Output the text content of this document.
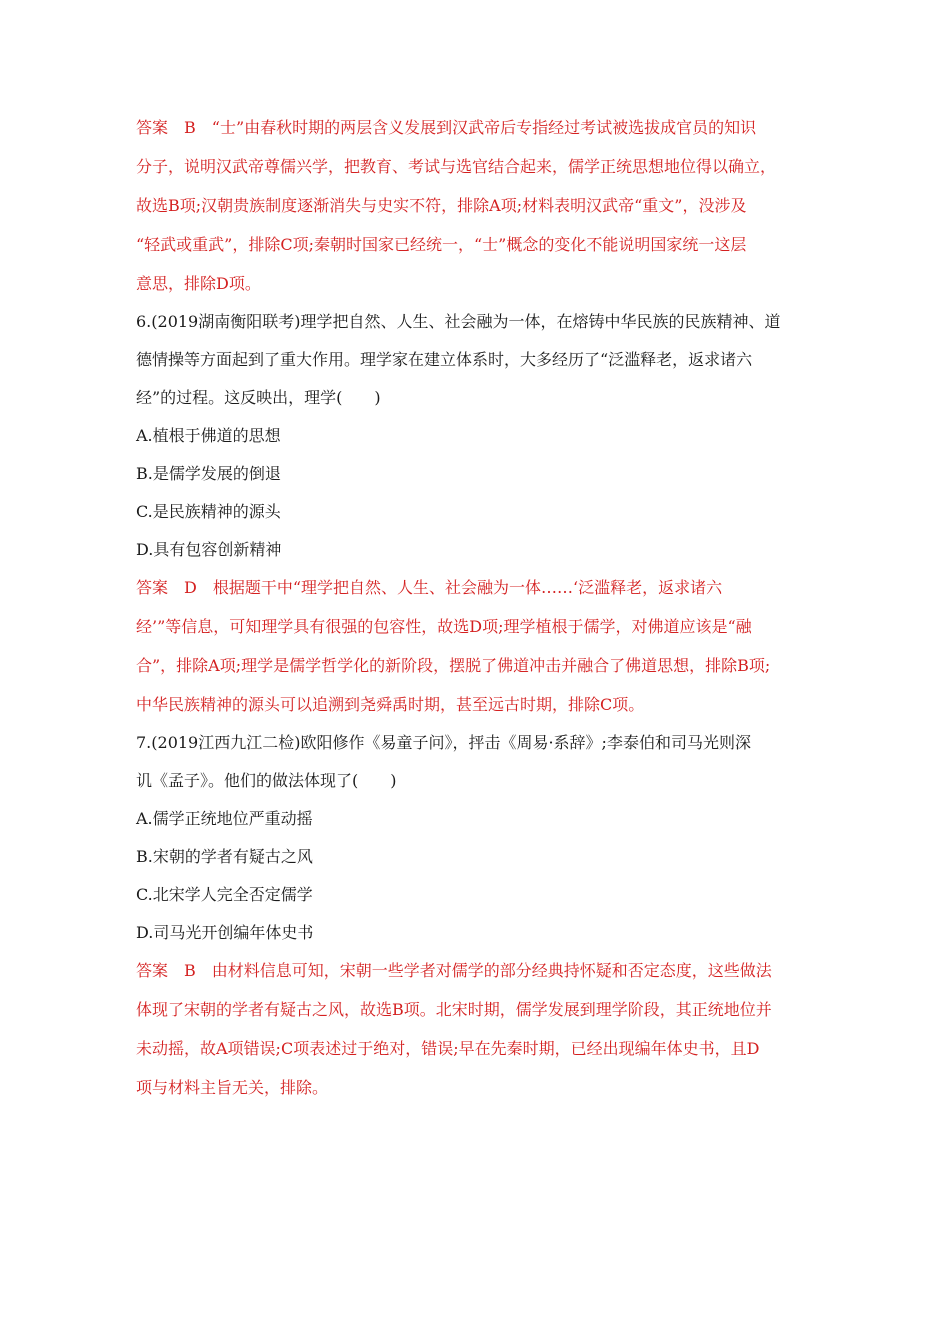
答案　B　“士”由春秋时期的两层含义发展到汉武帝后专指经过考试被选拔成官员的知识
分子，说明汉武帝尊儒兴学，把教育、考试与选官结合起来，儒学正统思想地位得以确立，
故选B项;汉朝贵族制度逐渐消失与史实不符，排除A项;材料表明汉武帝“重文”，没涉及
“轻武或重武”，排除C项;秦朝时国家已经统一，“士”概念的变化不能说明国家统一这层
意思，排除D项。
6.(2019湖南衡阳联考)理学把自然、人生、社会融为一体，在熔铸中华民族的民族精神、道
德情操等方面起到了重大作用。理学家在建立体系时，大多经历了“泛滥释老，返求诸六
经”的过程。这反映出，理学(　　)
A.植根于佛道的思想
B.是儒学发展的倒退
C.是民族精神的源头
D.具有包容创新精神
答案　D　根据题干中“理学把自然、人生、社会融为一体……‘泛滥释老，返求诸六
经’”等信息，可知理学具有很强的包容性，故选D项;理学植根于儒学，对佛道应该是“融
合”，排除A项;理学是儒学哲学化的新阶段，摆脱了佛道冲击并融合了佛道思想，排除B项;
中华民族精神的源头可以追溯到尧舜禹时期，甚至远古时期，排除C项。
7.(2019江西九江二检)欧阳修作《易童子问》，抨击《周易·系辞》;李泰伯和司马光则深
讥《孟子》。他们的做法体现了(　　)
A.儒学正统地位严重动摇
B.宋朝的学者有疑古之风
C.北宋学人完全否定儒学
D.司马光开创编年体史书
答案　B　由材料信息可知，宋朝一些学者对儒学的部分经典持怀疑和否定态度，这些做法
体现了宋朝的学者有疑古之风，故选B项。北宋时期，儒学发展到理学阶段，其正统地位并
未动摇，故A项错误;C项表述过于绝对，错误;早在先秦时期，已经出现编年体史书，且D
项与材料主旨无关，排除。
